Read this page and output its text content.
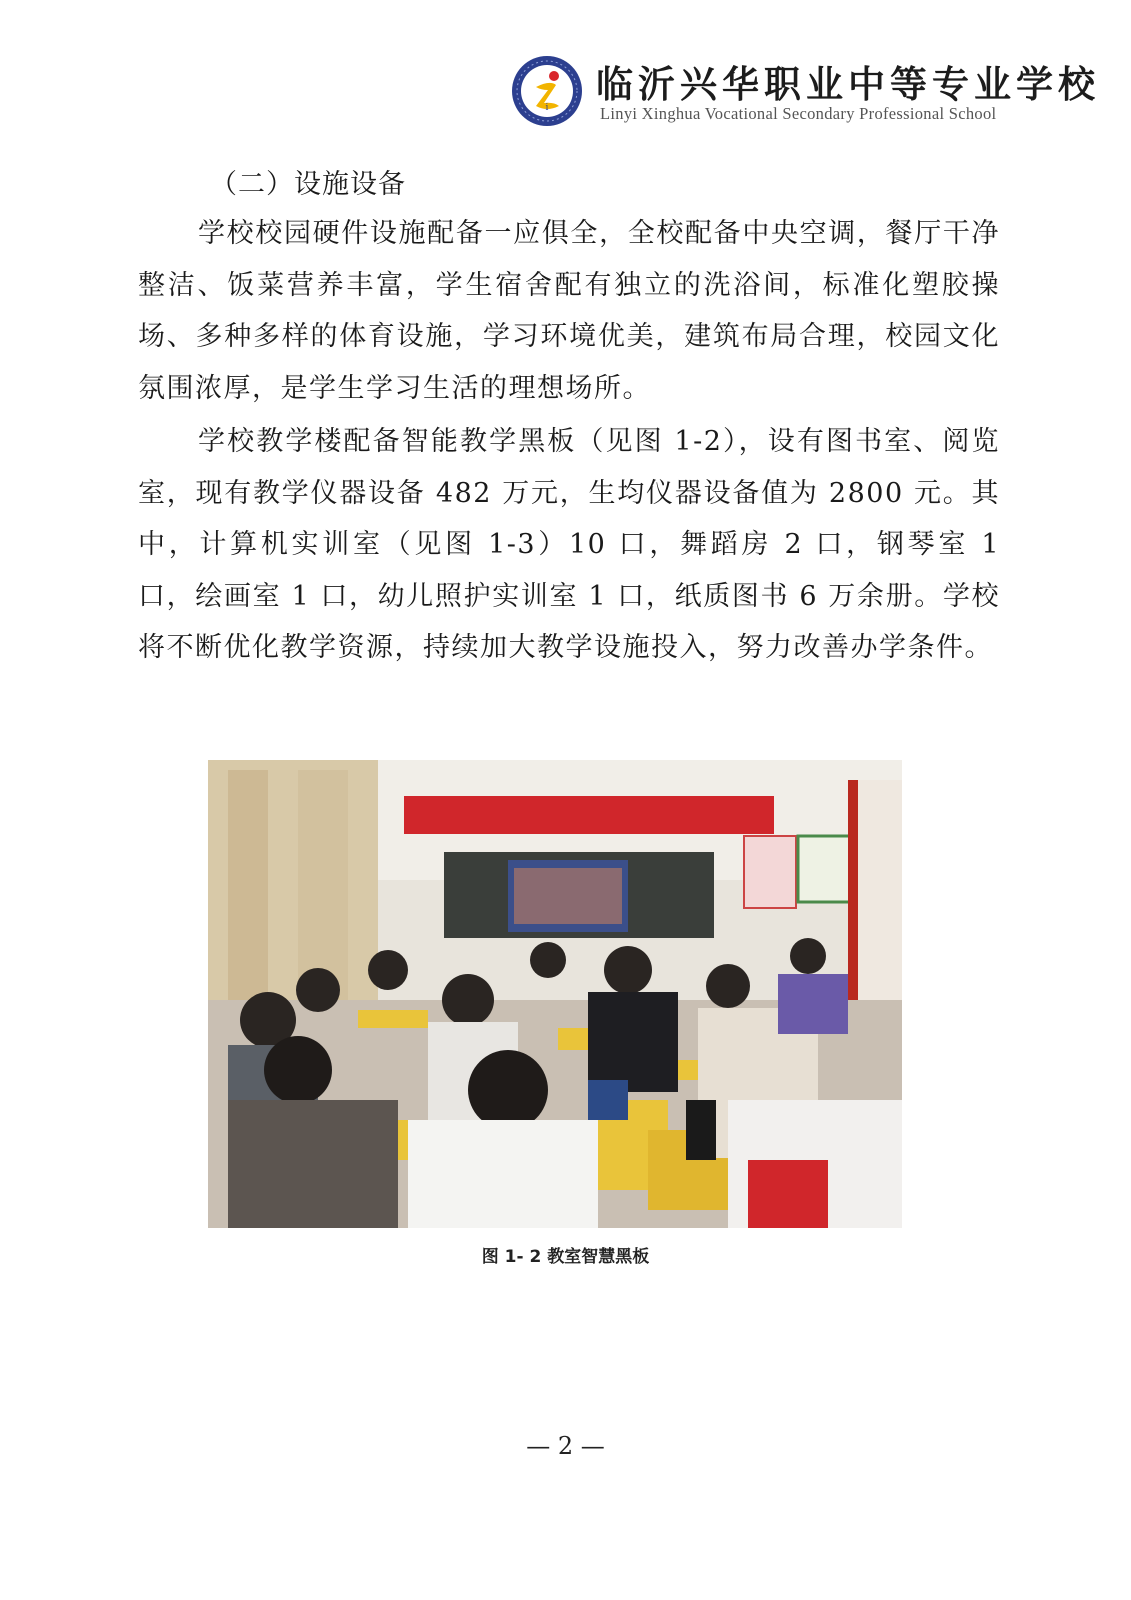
i
临沂兴华职业中等专业学校
Linyi Xinghua Vocational Secondary Professional School
（二）设施设备

学校校园硬件设施配备一应俱全，全校配备中央空调，餐厅干净整洁、饭菜营养丰富，学生宿舍配有独立的洗浴间，标准化塑胶操场、多种多样的体育设施，学习环境优美，建筑布局合理，校园文化氛围浓厚，是学生学习生活的理想场所。

学校教学楼配备智能教学黑板（见图 1-2），设有图书室、阅览室，现有教学仪器设备 482 万元，生均仪器设备值为 2800 元。其中，计算机实训室（见图 1-3）10 口，舞蹈房 2 口，钢琴室 1 口，绘画室 1 口，幼儿照护实训室 1 口，纸质图书 6 万余册。学校将不断优化教学资源，持续加大教学设施投入，努力改善办学条件。

图 1- 2 教室智慧黑板
— 2 —
